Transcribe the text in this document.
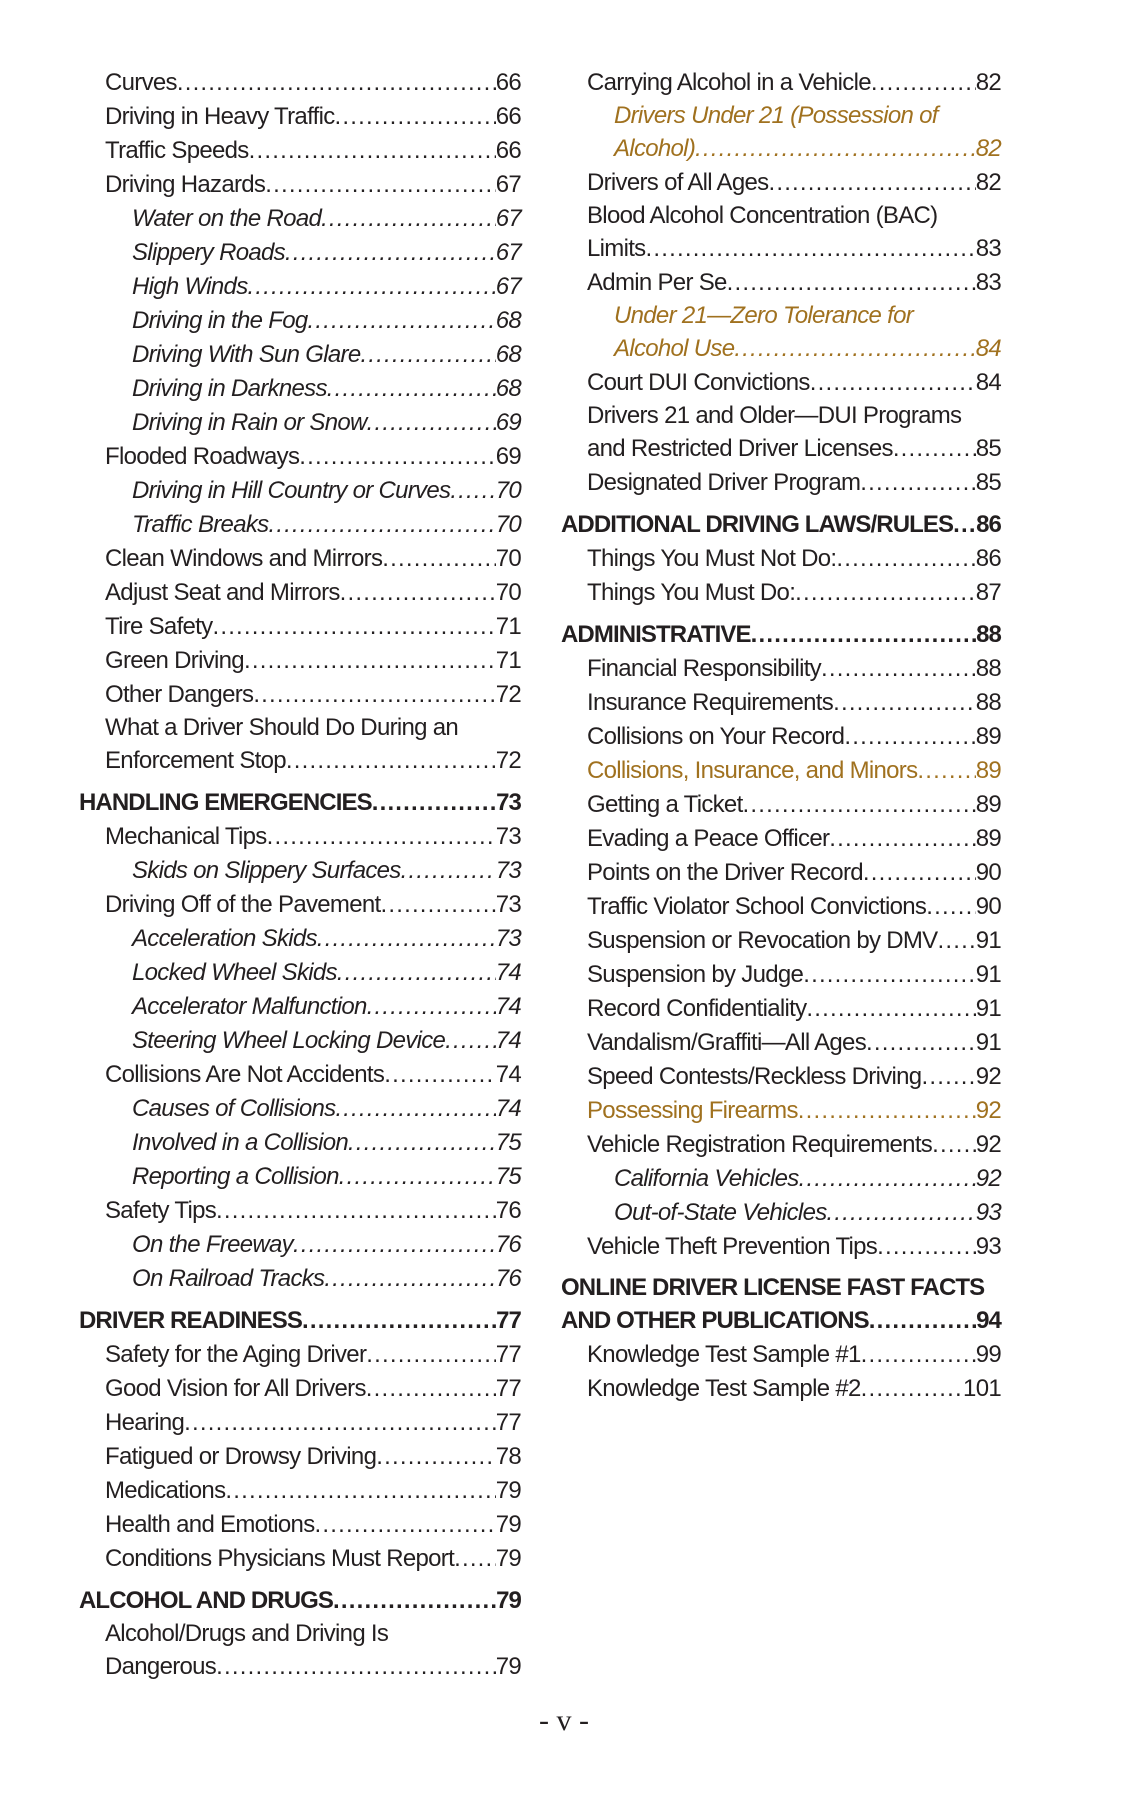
Curves .....	66
Driving in Heavy Traffic .....	66
Traffic Speeds .....	66
Driving Hazards .....	67
Water on the Road .....	67
Slippery Roads .....	67
High Winds .....	67
Driving in the Fog .....	68
Driving With Sun Glare .....	68
Driving in Darkness .....	68
Driving in Rain or Snow .....	69
Flooded Roadways .....	69
Driving in Hill Country or Curves ..... 70
Traffic Breaks .....	70
Clean Windows and Mirrors .....	70
Adjust Seat and Mirrors .....	70
Tire Safety .....	71
Green Driving .....	71
Other Dangers .....	72
What a Driver Should Do During an
Enforcement Stop .....	72
HANDLING EMERGENCIES .....	73
Mechanical Tips .....	73
Skids on Slippery Surfaces .....	73
Driving Off of the Pavement .....	73
Acceleration Skids .....	73
Locked Wheel Skids .....	74
Accelerator Malfunction .....	74
Steering Wheel Locking Device ..... 74
Collisions Are Not Accidents .....	74
Causes of Collisions .....	74
Involved in a Collision .....	75
Reporting a Collision .....	75
Safety Tips .....	76
On the Freeway .....	76
On Railroad Tracks .....	76
DRIVER READINESS .....	77
Safety for the Aging Driver .....	77
Good Vision for All Drivers .....	77
Hearing .....	77
Fatigued or Drowsy Driving .....	78
Medications .....	79
Health and Emotions .....	79
Conditions Physicians Must Report ..... 79
ALCOHOL AND DRUGS .....	79
Alcohol/Drugs and Driving Is
Dangerous .....	79
Carrying Alcohol in a Vehicle .....	82
Drivers Under 21 (Possession of
Alcohol) .....	82
Drivers of All Ages .....	82
Blood Alcohol Concentration (BAC)
Limits .....	83
Admin Per Se .....	83
Under 21—Zero Tolerance for
Alcohol Use .....	84
Court DUI Convictions .....	84
Drivers 21 and Older—DUI Programs
and Restricted Driver Licenses .....	85
Designated Driver Program .....	85
ADDITIONAL DRIVING LAWS/RULES ..... 86
Things You Must Not Do: .....	86
Things You Must Do: .....	87
ADMINISTRATIVE .....	88
Financial Responsibility .....	88
Insurance Requirements .....	88
Collisions on Your Record .....	89
Collisions, Insurance, and Minors ..... 89
Getting a Ticket .....	89
Evading a Peace Officer .....	89
Points on the Driver Record .....	90
Traffic Violator School Convictions ..... 90
Suspension or Revocation by DMV ..... 91
Suspension by Judge .....	91
Record Confidentiality .....	91
Vandalism/Graffiti—All Ages .....	91
Speed Contests/Reckless Driving ..... 92
Possessing Firearms .....	92
Vehicle Registration Requirements ..... 92
California Vehicles .....	92
Out-of-State Vehicles .....	93
Vehicle Theft Prevention Tips .....	93
ONLINE DRIVER LICENSE FAST FACTS
AND OTHER PUBLICATIONS .....	94
Knowledge Test Sample #1 .....	99
Knowledge Test Sample #2 .....	101
- v -
